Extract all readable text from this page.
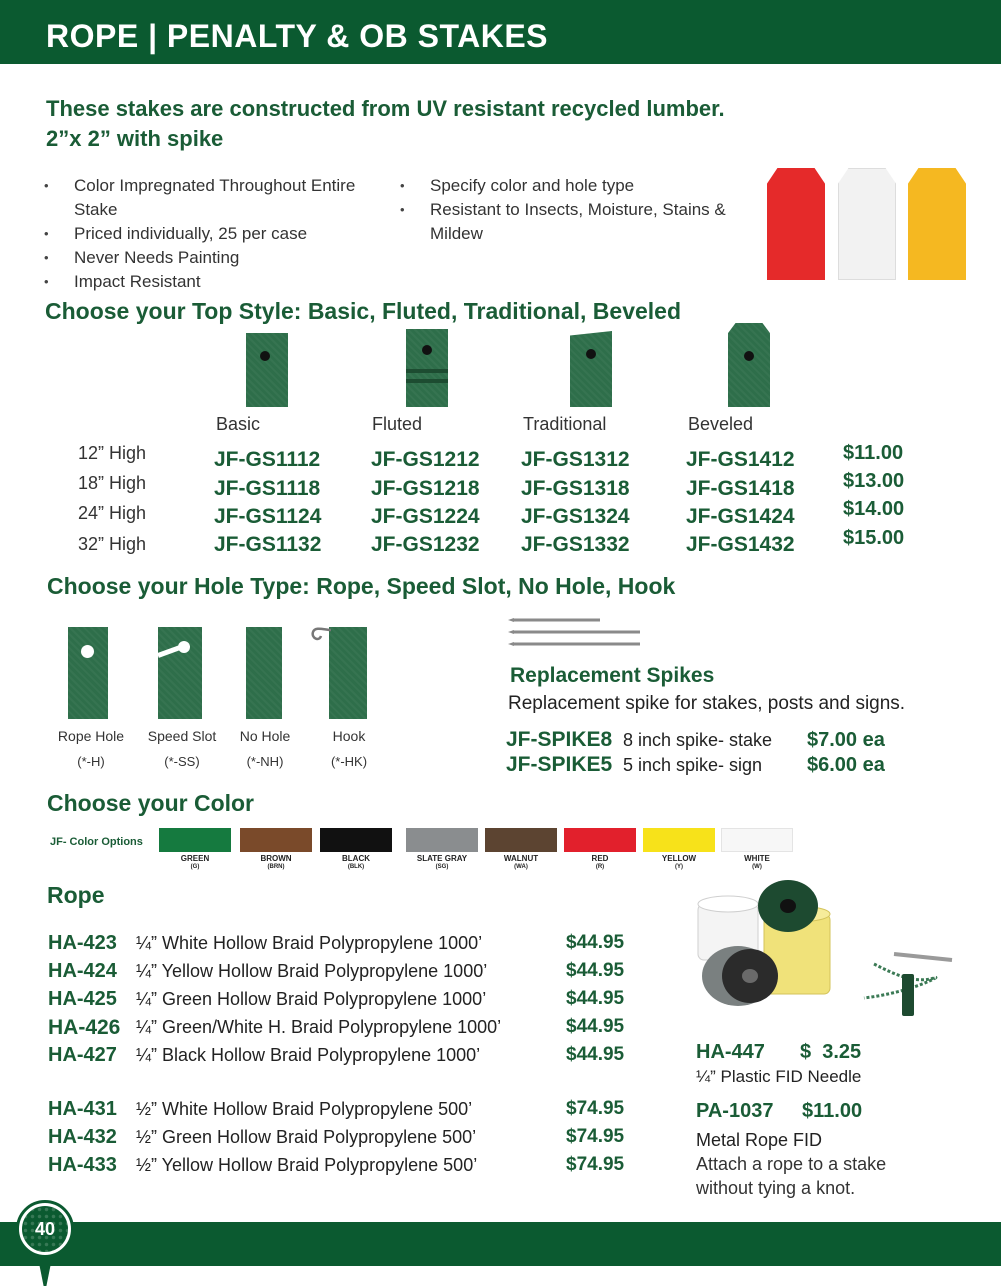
ROPE | PENALTY & OB STAKES
These stakes are constructed from UV resistant recycled lumber.
2”x 2” with spike
• Color Impregnated Throughout Entire Stake
• Priced individually, 25 per case
• Never Needs Painting
• Impact Resistant
• Specify color and hole type
• Resistant to Insects, Moisture, Stains & Mildew
Choose your Top Style: Basic, Fluted, Traditional, Beveled
Basic	Fluted	Traditional	Beveled
12” High	JF-GS1112 JF-GS1212 JF-GS1312	JF-GS1412 $11.00
18” High	JF-GS1118 JF-GS1218 JF-GS1318	JF-GS1418 $13.00
24” High	JF-GS1124 JF-GS1224 JF-GS1324	JF-GS1424 $14.00
32” High	JF-GS1132 JF-GS1232 JF-GS1332	JF-GS1432 $15.00
Choose your Hole Type: Rope, Speed Slot, No Hole, Hook
Rope Hole	Speed Slot	No Hole	Hook
(*-H)	(*-SS)	(*-NH)	(*-HK)
Replacement Spikes
Replacement spike for stakes, posts and signs.
JF-SPIKE8 8 inch spike- stake $7.00 ea
JF-SPIKE5 5 inch spike- sign $6.00 ea
Choose your Color
JF- Color Options
GREEN	BROWN	BLACK	SLATE GRAY	WALNUT	RED	YELLOW	WHITE
(G)	(BRN)	(BLK)	(SG)	(WA)	(R)	(Y)	(W)
Rope
HA-423 ¼” White Hollow Braid Polypropylene 1000’	$44.95
HA-424 ¼” Yellow Hollow Braid Polypropylene 1000’	$44.95
HA-425 ¼” Green Hollow Braid Polypropylene 1000’	$44.95
HA-426 ¼” Green/White H. Braid Polypropylene 1000’	$44.95
HA-427 ¼” Black Hollow Braid Polypropylene 1000’	$44.95
HA-431 ½” White Hollow Braid Polypropylene 500’	$74.95
HA-432 ½” Green Hollow Braid Polypropylene 500’	$74.95
HA-433 ½” Yellow Hollow Braid Polypropylene 500’	$74.95
HA-447 $  3.25
¼” Plastic FID Needle
PA-1037 $11.00
Metal Rope FID
Attach a rope to a stake
without tying a knot.
40
